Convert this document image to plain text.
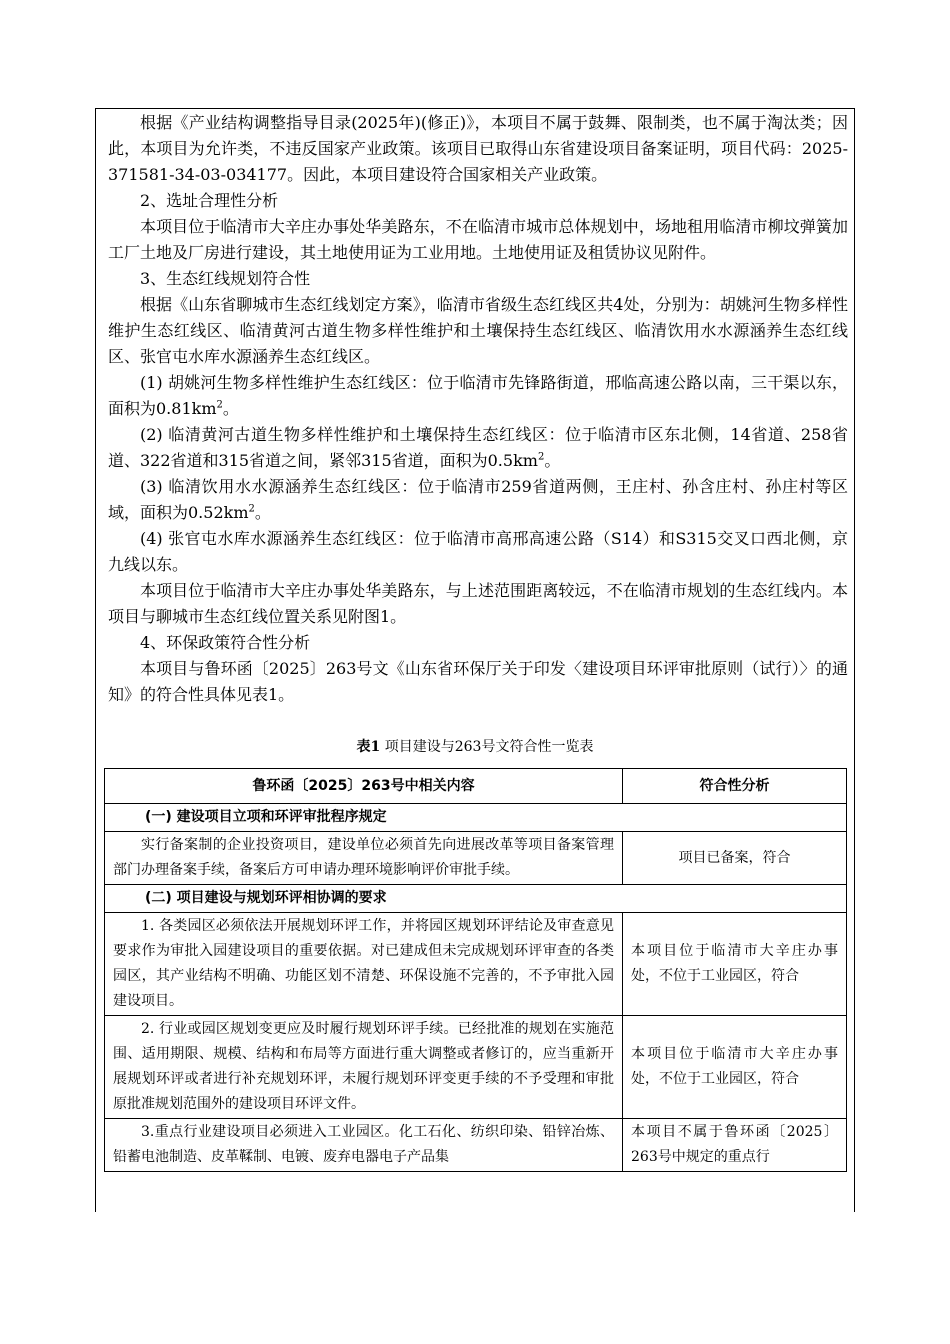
根据《产业结构调整指导目录(2025年)(修正)》，本项目不属于鼓舞、限制类，也不属于淘汰类；因此，本项目为允许类，不违反国家产业政策。该项目已取得山东省建设项目备案证明，项目代码：2025-371581-34-03-034177。因此，本项目建设符合国家相关产业政策。

2、选址合理性分析

本项目位于临清市大辛庄办事处华美路东，不在临清市城市总体规划中，场地租用临清市柳坟弹簧加工厂土地及厂房进行建设，其土地使用证为工业用地。土地使用证及租赁协议见附件。

3、生态红线规划符合性

根据《山东省聊城市生态红线划定方案》，临清市省级生态红线区共4处，分别为：胡姚河生物多样性维护生态红线区、临清黄河古道生物多样性维护和土壤保持生态红线区、临清饮用水水源涵养生态红线区、张官屯水库水源涵养生态红线区。

(1) 胡姚河生物多样性维护生态红线区：位于临清市先锋路街道，邢临高速公路以南，三干渠以东，面积为$0.81km^2$。

(2) 临清黄河古道生物多样性维护和土壤保持生态红线区：位于临清市区东北侧，14省道、258省道、322省道和315省道之间，紧邻315省道，面积为$0.5km^2$。

(3) 临清饮用水水源涵养生态红线区：位于临清市259省道两侧，王庄村、孙含庄村、孙庄村等区域，面积为$0.52km^2$。

(4) 张官屯水库水源涵养生态红线区：位于临清市高邢高速公路（S14）和S315交叉口西北侧，京九线以东。

本项目位于临清市大辛庄办事处华美路东，与上述范围距离较远，不在临清市规划的生态红线内。本项目与聊城市生态红线位置关系见附图1。

4、环保政策符合性分析

本项目与鲁环函〔2025〕263号文《山东省环保厅关于印发〈建设项目环评审批原则（试行）〉的通知》的符合性具体见表1。

表1 项目建设与263号文符合性一览表
鲁环函〔2025〕263号中相关内容	符合性分析
(一) 建设项目立项和环评审批程序规定	
实行备案制的企业投资项目，建设单位必须首先向进展改革等项目备案管理部门办理备案手续，备案后方可申请办理环境影响评价审批手续。	项目已备案，符合
(二) 项目建设与规划环评相协调的要求	
1. 各类园区必须依法开展规划环评工作，并将园区规划环评结论及审查意见要求作为审批入园建设项目的重要依据。对已建成但未完成规划环评审查的各类园区，其产业结构不明确、功能区划不清楚、环保设施不完善的，不予审批入园建设项目。	本项目位于临清市大辛庄办事处，不位于工业园区，符合
2. 行业或园区规划变更应及时履行规划环评手续。已经批准的规划在实施范围、适用期限、规模、结构和布局等方面进行重大调整或者修订的，应当重新开展规划环评或者进行补充规划环评，未履行规划环评变更手续的不予受理和审批原批准规划范围外的建设项目环评文件。	本项目位于临清市大辛庄办事处，不位于工业园区，符合
3.重点行业建设项目必须进入工业园区。化工石化、纺织印染、铅锌冶炼、铅蓄电池制造、皮革鞣制、电镀、废弃电器电子产品集	本项目不属于鲁环函〔2025〕263号中规定的重点行
